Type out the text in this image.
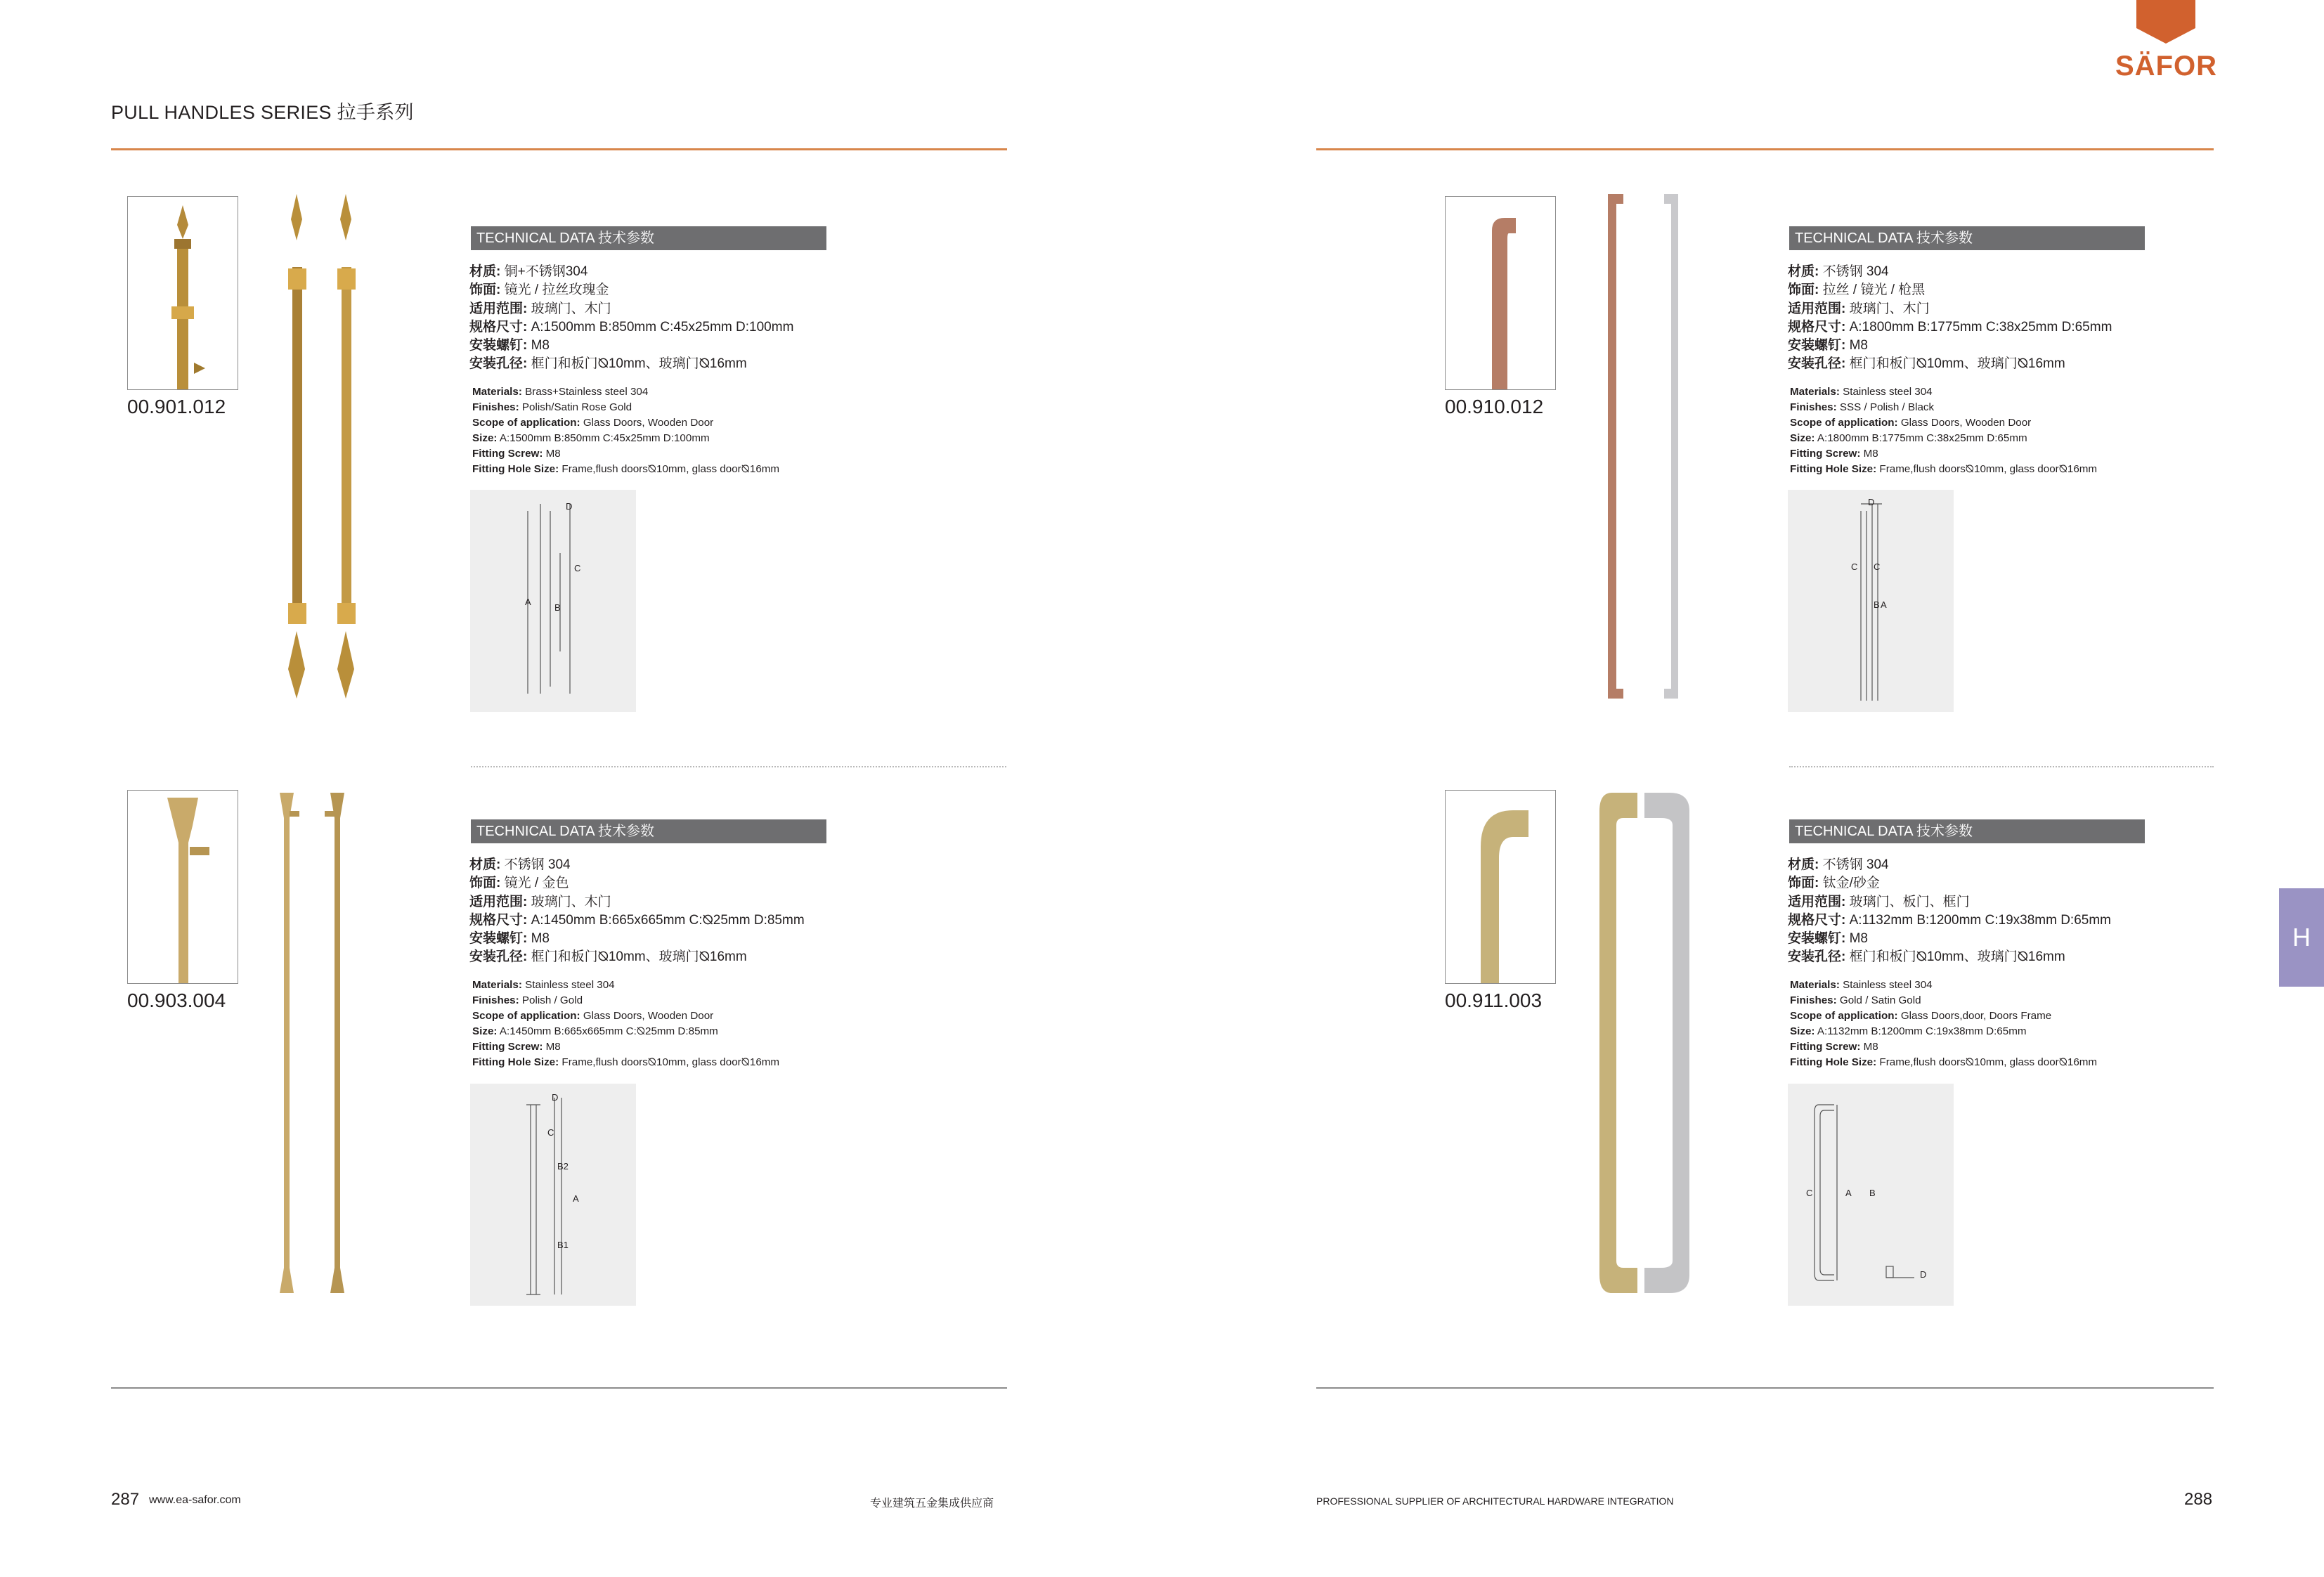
PULL HANDLES SERIES 拉手系列
SÄFOR
00.901.012
TECHNICAL DATA 技术参数
材质: 铜+不锈钢304
饰面: 镜光 / 拉丝玫瑰金
适用范围: 玻璃门、木门
规格尺寸: A:1500mm B:850mm C:45x25mm D:100mm
安装螺钉: M8
安装孔径: 框门和板门⦰10mm、玻璃门⦰16mm
Materials: Brass+Stainless steel 304
Finishes: Polish/Satin Rose Gold
Scope of application: Glass Doors, Wooden Door
Size: A:1500mm B:850mm C:45x25mm D:100mm
Fitting Screw: M8
Fitting Hole Size: Frame,flush doors⦰10mm, glass door⦰16mm
D
A
B
C
00.910.012
TECHNICAL DATA 技术参数
材质: 不锈钢 304
饰面: 拉丝 / 镜光 / 枪黑
适用范围: 玻璃门、木门
规格尺寸: A:1800mm B:1775mm C:38x25mm D:65mm
安装螺钉: M8
安装孔径: 框门和板门⦰10mm、玻璃门⦰16mm
Materials: Stainless steel 304
Finishes: SSS / Polish / Black
Scope of application: Glass Doors, Wooden Door
Size: A:1800mm B:1775mm C:38x25mm D:65mm
Fitting Screw: M8
Fitting Hole Size: Frame,flush doors⦰10mm, glass door⦰16mm
D
C C
B A
00.903.004
TECHNICAL DATA 技术参数
材质: 不锈钢 304
饰面: 镜光 / 金色
适用范围: 玻璃门、木门
规格尺寸: A:1450mm B:665x665mm C:⦰25mm D:85mm
安装螺钉: M8
安装孔径: 框门和板门⦰10mm、玻璃门⦰16mm
Materials: Stainless steel 304
Finishes: Polish / Gold
Scope of application: Glass Doors, Wooden Door
Size: A:1450mm B:665x665mm C:⦰25mm D:85mm
Fitting Screw: M8
Fitting Hole Size: Frame,flush doors⦰10mm, glass door⦰16mm
D
C
B2
A
B1
00.911.003
TECHNICAL DATA 技术参数
材质: 不锈钢 304
饰面: 钛金/砂金
适用范围: 玻璃门、板门、框门
规格尺寸: A:1132mm B:1200mm C:19x38mm D:65mm
安装螺钉: M8
安装孔径: 框门和板门⦰10mm、玻璃门⦰16mm
Materials: Stainless steel 304
Finishes: Gold / Satin Gold
Scope of application: Glass Doors,door, Doors Frame
Size: A:1132mm B:1200mm C:19x38mm D:65mm
Fitting Screw: M8
Fitting Hole Size: Frame,flush doors⦰10mm, glass door⦰16mm
C	A B
D
H
287 www.ea-safor.com	专业建筑五金集成供应商	PROFESSIONAL SUPPLIER OF ARCHITECTURAL HARDWARE INTEGRATION	288
